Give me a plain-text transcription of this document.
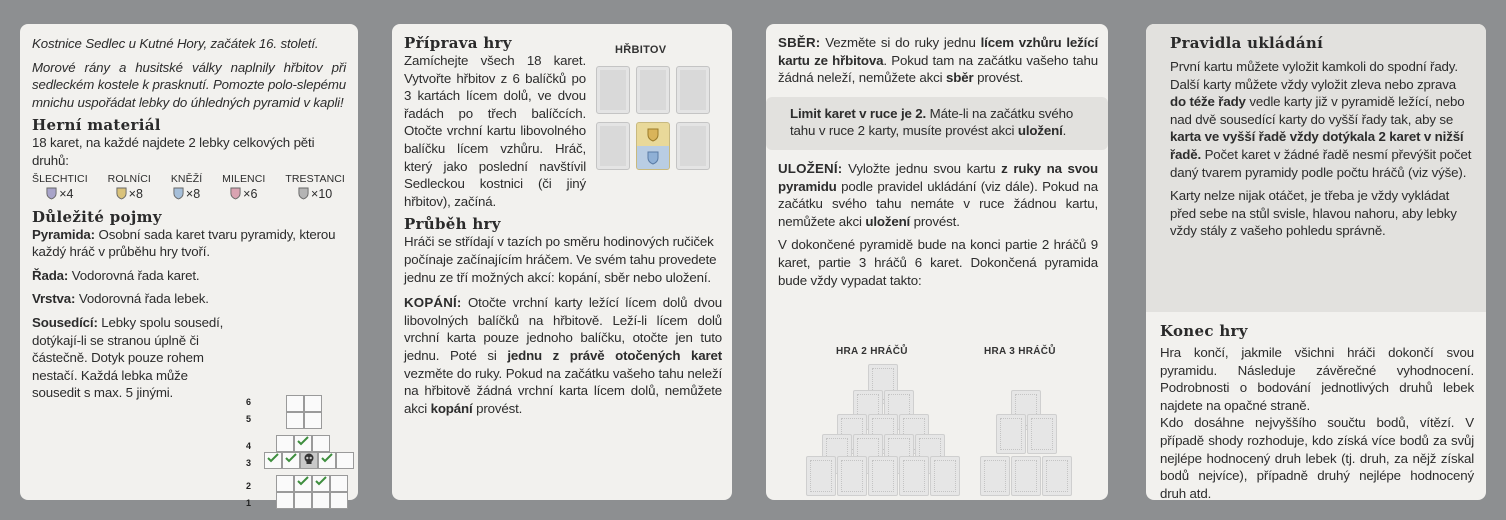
Kostnice Sedlec u Kutné Hory, začátek 16. století.

Morové rány a husitské války naplnily hřbitov při sedleckém kostele k prasknutí. Pomozte polo-slepému mnichu uspořádat lebky do úhledných pyramid v kapli!

Herní materiál

18 karet, na každé najdete 2 lebky celkových pěti druhů:

ŠLECHTICI
×4
ROLNÍCI
×8
KNĚŽÍ
×8
MILENCI
×6
TRESTANCI
×10
Důležité pojmy

Pyramida: Osobní sada karet tvaru pyramidy, kterou každý hráč v průběhu hry tvoří.

Řada: Vodorovná řada karet.

Vrstva: Vodorovná řada lebek.

Sousedící: Lebky spolu sousedí, dotýkají-li se stranou úplně či částečně. Dotyk pouze rohem nestačí. Každá lebka může sousedit s max. 5 jinými.

6
5
4
3
2
1
Příprava hry

Zamíchejte všech 18 karet. Vytvořte hřbitov z 6 balíčků po 3 kartách lícem dolů, ve dvou řadách po třech balíčcích. Otočte vrchní kartu libovolného balíčku lícem vzhůru. Hráč, který jako poslední navštívil Sedleckou kostnici (či jiný hřbitov), začíná.

Průběh hry

Hráči se střídají v tazích po směru hodinových ručiček počínaje začínajícím hráčem. Ve svém tahu provedete jednu ze tří možných akcí: kopání, sběr nebo uložení.

KOPÁNÍ: Otočte vrchní karty ležící lícem dolů dvou libovolných balíčků na hřbitově. Leží-li lícem dolů vrchní karta pouze jednoho balíčku, otočte jen tuto jednu. Poté si jednu z právě otočených karet vezměte do ruky. Pokud na začátku vašeho tahu neleží na hřbitově žádná vrchní karta lícem dolů, nemůžete akci kopání provést.

HŘBITOV	SBĚR: Vezměte si do ruky jednu lícem vzhůru ležící kartu ze hřbitova. Pokud tam na začátku vašeho tahu žádná neleží, nemůžete akci sběr provést.

Limit karet v ruce je 2. Máte-li na začátku svého tahu v ruce 2 karty, musíte provést akci uložení.

ULOŽENÍ: Vyložte jednu svou kartu z ruky na svou pyramidu podle pravidel ukládání (viz dále). Pokud na začátku svého tahu nemáte v ruce žádnou kartu, nemůžete akci uložení provést.

V dokončené pyramidě bude na konci partie 2 hráčů 9 karet, partie 3 hráčů 6 karet. Dokončená pyramida bude vždy vypadat takto:

HRA 2 HRÁČŮ	HRA 3 HRÁČŮ
Pravidla ukládání

První kartu můžete vyložit kamkoli do spodní řady. Další karty můžete vždy vyložit zleva nebo zprava do téže řady vedle karty již v pyramidě ležící, nebo nad dvě sousedící karty do vyšší řady tak, aby se karta ve vyšší řadě vždy dotýkala 2 karet v nižší řadě. Počet karet v žádné řadě nesmí převýšit počet daný tvarem pyramidy podle počtu hráčů (viz výše).

Karty nelze nijak otáčet, je třeba je vždy vykládat před sebe na stůl svisle, hlavou nahoru, aby lebky vždy stály z vašeho pohledu správně.

Konec hry

Hra končí, jakmile všichni hráči dokončí svou pyramidu. Následuje závěrečné vyhodnocení. Podrobnosti o bodování jednotlivých druhů lebek najdete na opačné straně.

Kdo dosáhne nejvyššího součtu bodů, vítězí. V případě shody rozhoduje, kdo získá více bodů za svůj nejlépe hodnocený druh lebek (tj. druh, za nějž získal bodů nejvíce), případně druhý nejlépe hodnocený druh atd.
